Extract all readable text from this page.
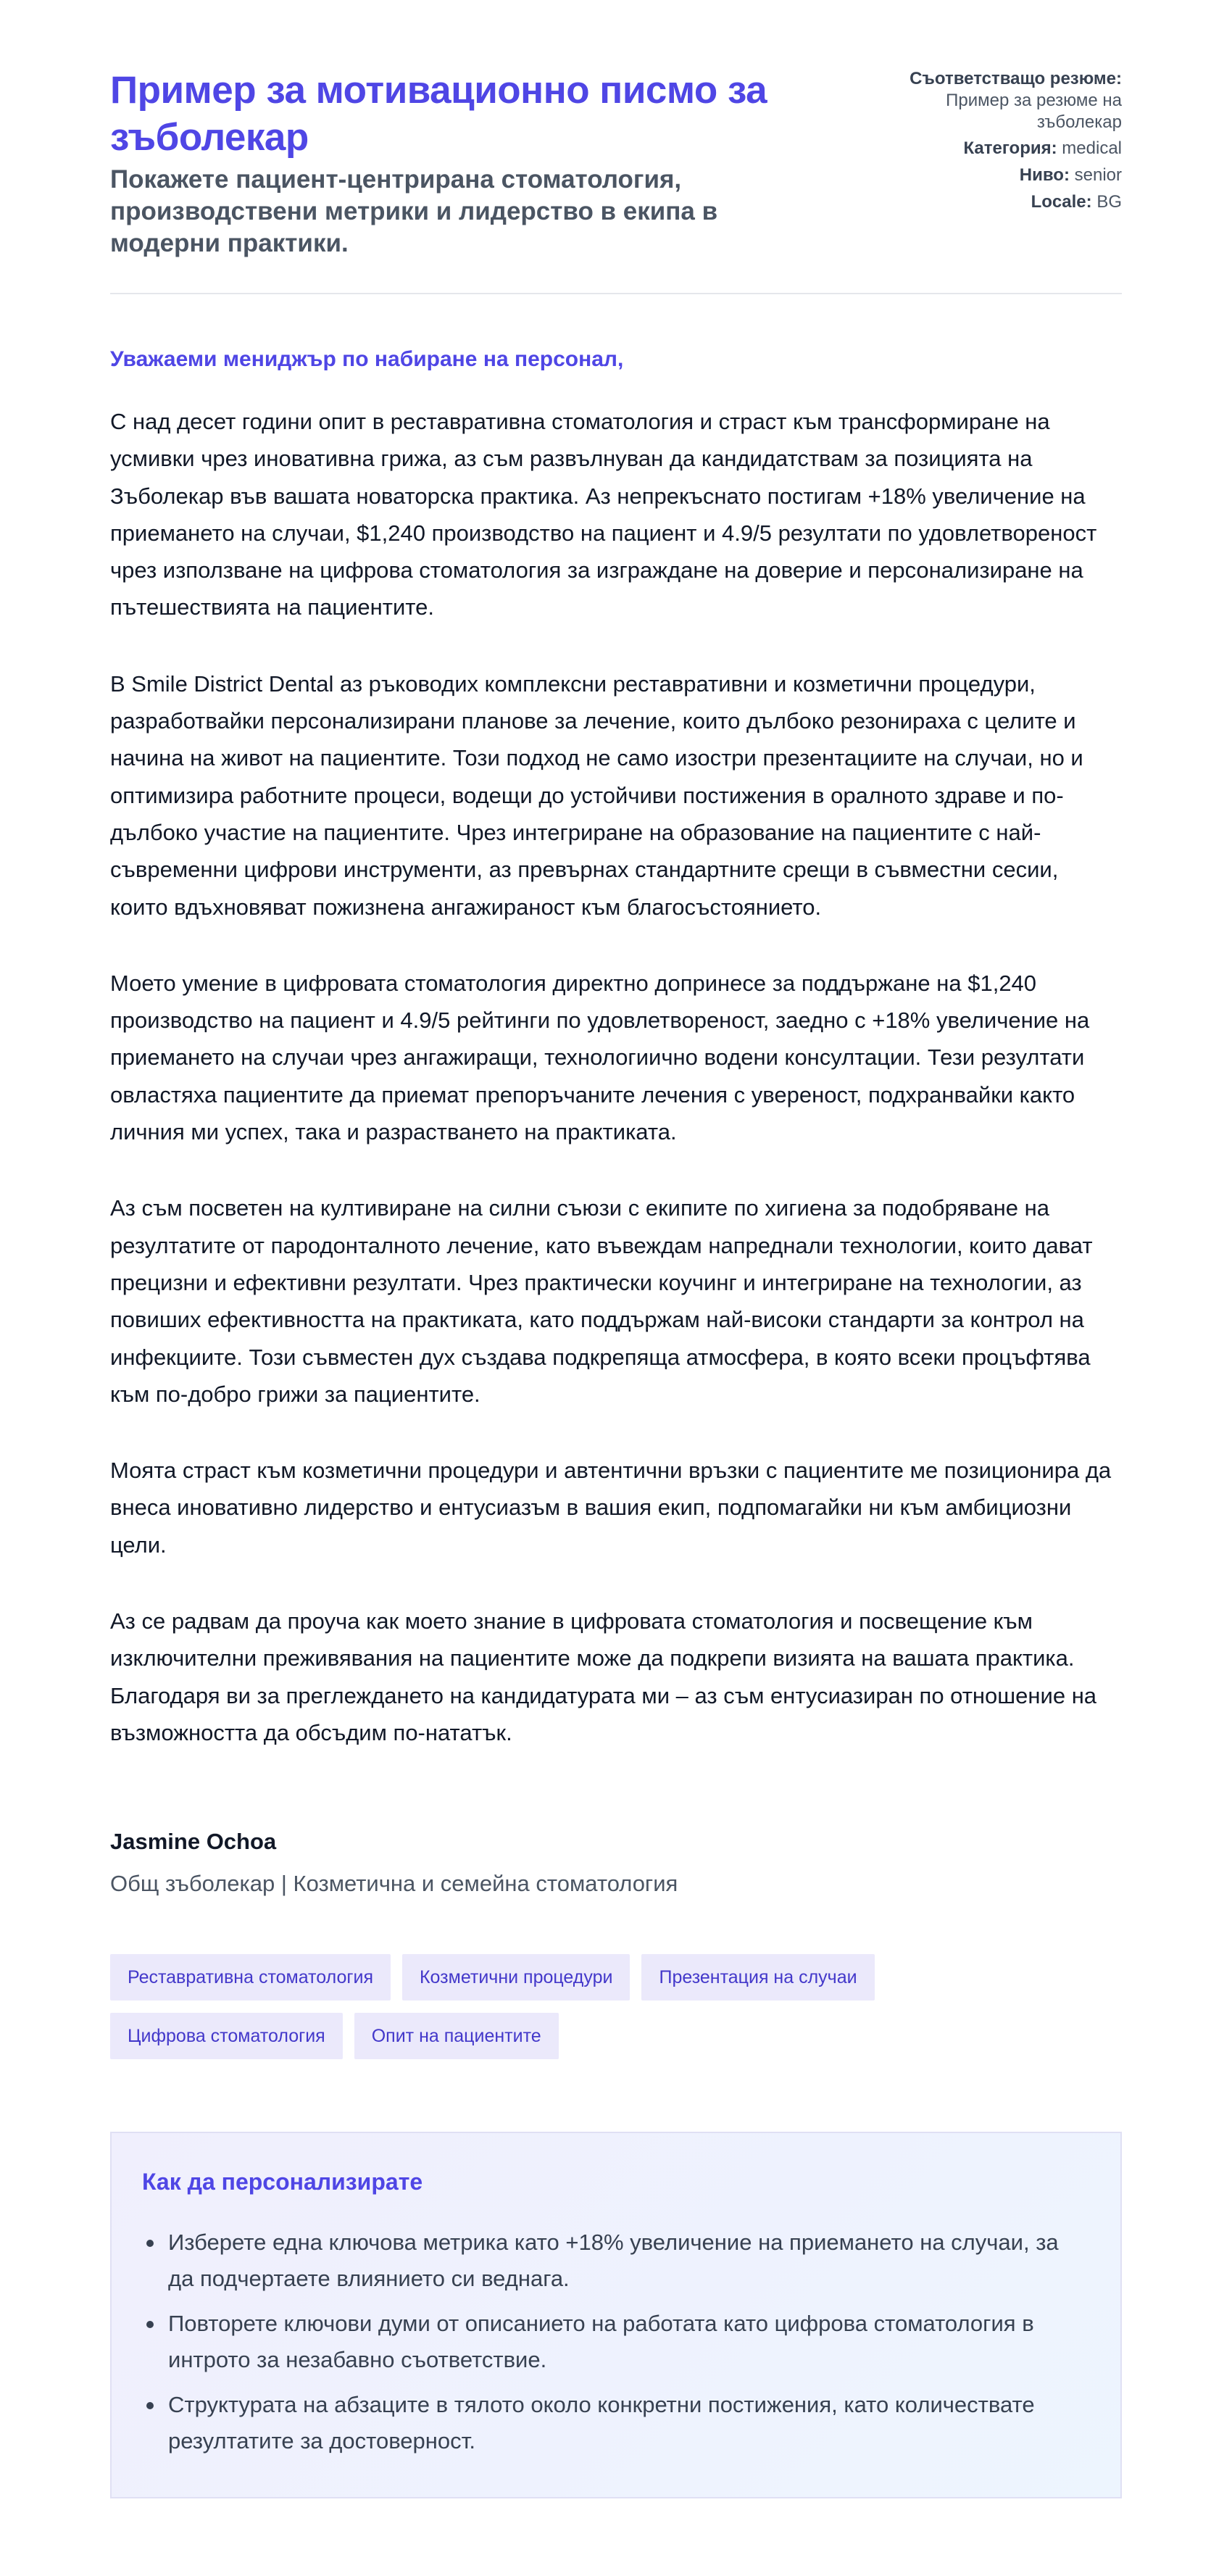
Пример за мотивационно писмо за зъболекар
Покажете пациент-центрирана стоматология, производствени метрики и лидерство в екипа в модерни практики.
Съответстващо резюме:
Пример за резюме на зъболекар
Категория: medical
Ниво: senior
Locale: BG
Уважаеми мениджър по набиране на персонал,

С над десет години опит в реставративна стоматология и страст към трансформиране на усмивки чрез иновативна грижа, аз съм развълнуван да кандидатствам за позицията на Зъболекар във вашата новаторска практика. Аз непрекъснато постигам +18% увеличение на приемането на случаи, $1,240 производство на пациент и 4.9/5 резултати по удовлетвореност чрез използване на цифрова стоматология за изграждане на доверие и персонализиране на пътешествията на пациентите.

В Smile District Dental аз ръководих комплексни реставративни и козметични процедури, разработвайки персонализирани планове за лечение, които дълбоко резонираха с целите и начина на живот на пациентите. Този подход не само изостри презентациите на случаи, но и оптимизира работните процеси, водещи до устойчиви постижения в оралното здраве и по-дълбоко участие на пациентите. Чрез интегриране на образование на пациентите с най-съвременни цифрови инструменти, аз превърнах стандартните срещи в съвместни сесии, които вдъхновяват пожизнена ангажираност към благосъстоянието.

Моето умение в цифровата стоматология директно допринесе за поддържане на $1,240 производство на пациент и 4.9/5 рейтинги по удовлетвореност, заедно с +18% увеличение на приемането на случаи чрез ангажиращи, технологиично водени консултации. Тези резултати овластяха пациентите да приемат препоръчаните лечения с увереност, подхранвайки както личния ми успех, така и разрастването на практиката.

Аз съм посветен на култивиране на силни съюзи с екипите по хигиена за подобряване на резултатите от пародонталното лечение, като въвеждам напреднали технологии, които дават прецизни и ефективни резултати. Чрез практически коучинг и интегриране на технологии, аз повиших ефективността на практиката, като поддържам най-високи стандарти за контрол на инфекциите. Този съвместен дух създава подкрепяща атмосфера, в която всеки процъфтява към по-добро грижи за пациентите.

Моята страст към козметични процедури и автентични връзки с пациентите ме позиционира да внеса иновативно лидерство и ентусиазъм в вашия екип, подпомагайки ни към амбициозни цели.

Аз се радвам да проуча как моето знание в цифровата стоматология и посвещение към изключителни преживявания на пациентите може да подкрепи визията на вашата практика. Благодаря ви за преглеждането на кандидатурата ми – аз съм ентусиазиран по отношение на възможността да обсъдим по-нататък.

Jasmine Ochoa
Общ зъболекар | Козметична и семейна стоматология
Реставративна стоматология	Козметични процедури	Презентация на случаи
Цифрова стоматология	Опит на пациентите
Как да персонализирате
Изберете една ключова метрика като +18% увеличение на приемането на случаи, за да подчертаете влиянието си веднага.
Повторете ключови думи от описанието на работата като цифрова стоматология в интрото за незабавно съответствие.
Структурата на абзаците в тялото около конкретни постижения, като количествате резултатите за достоверност.
